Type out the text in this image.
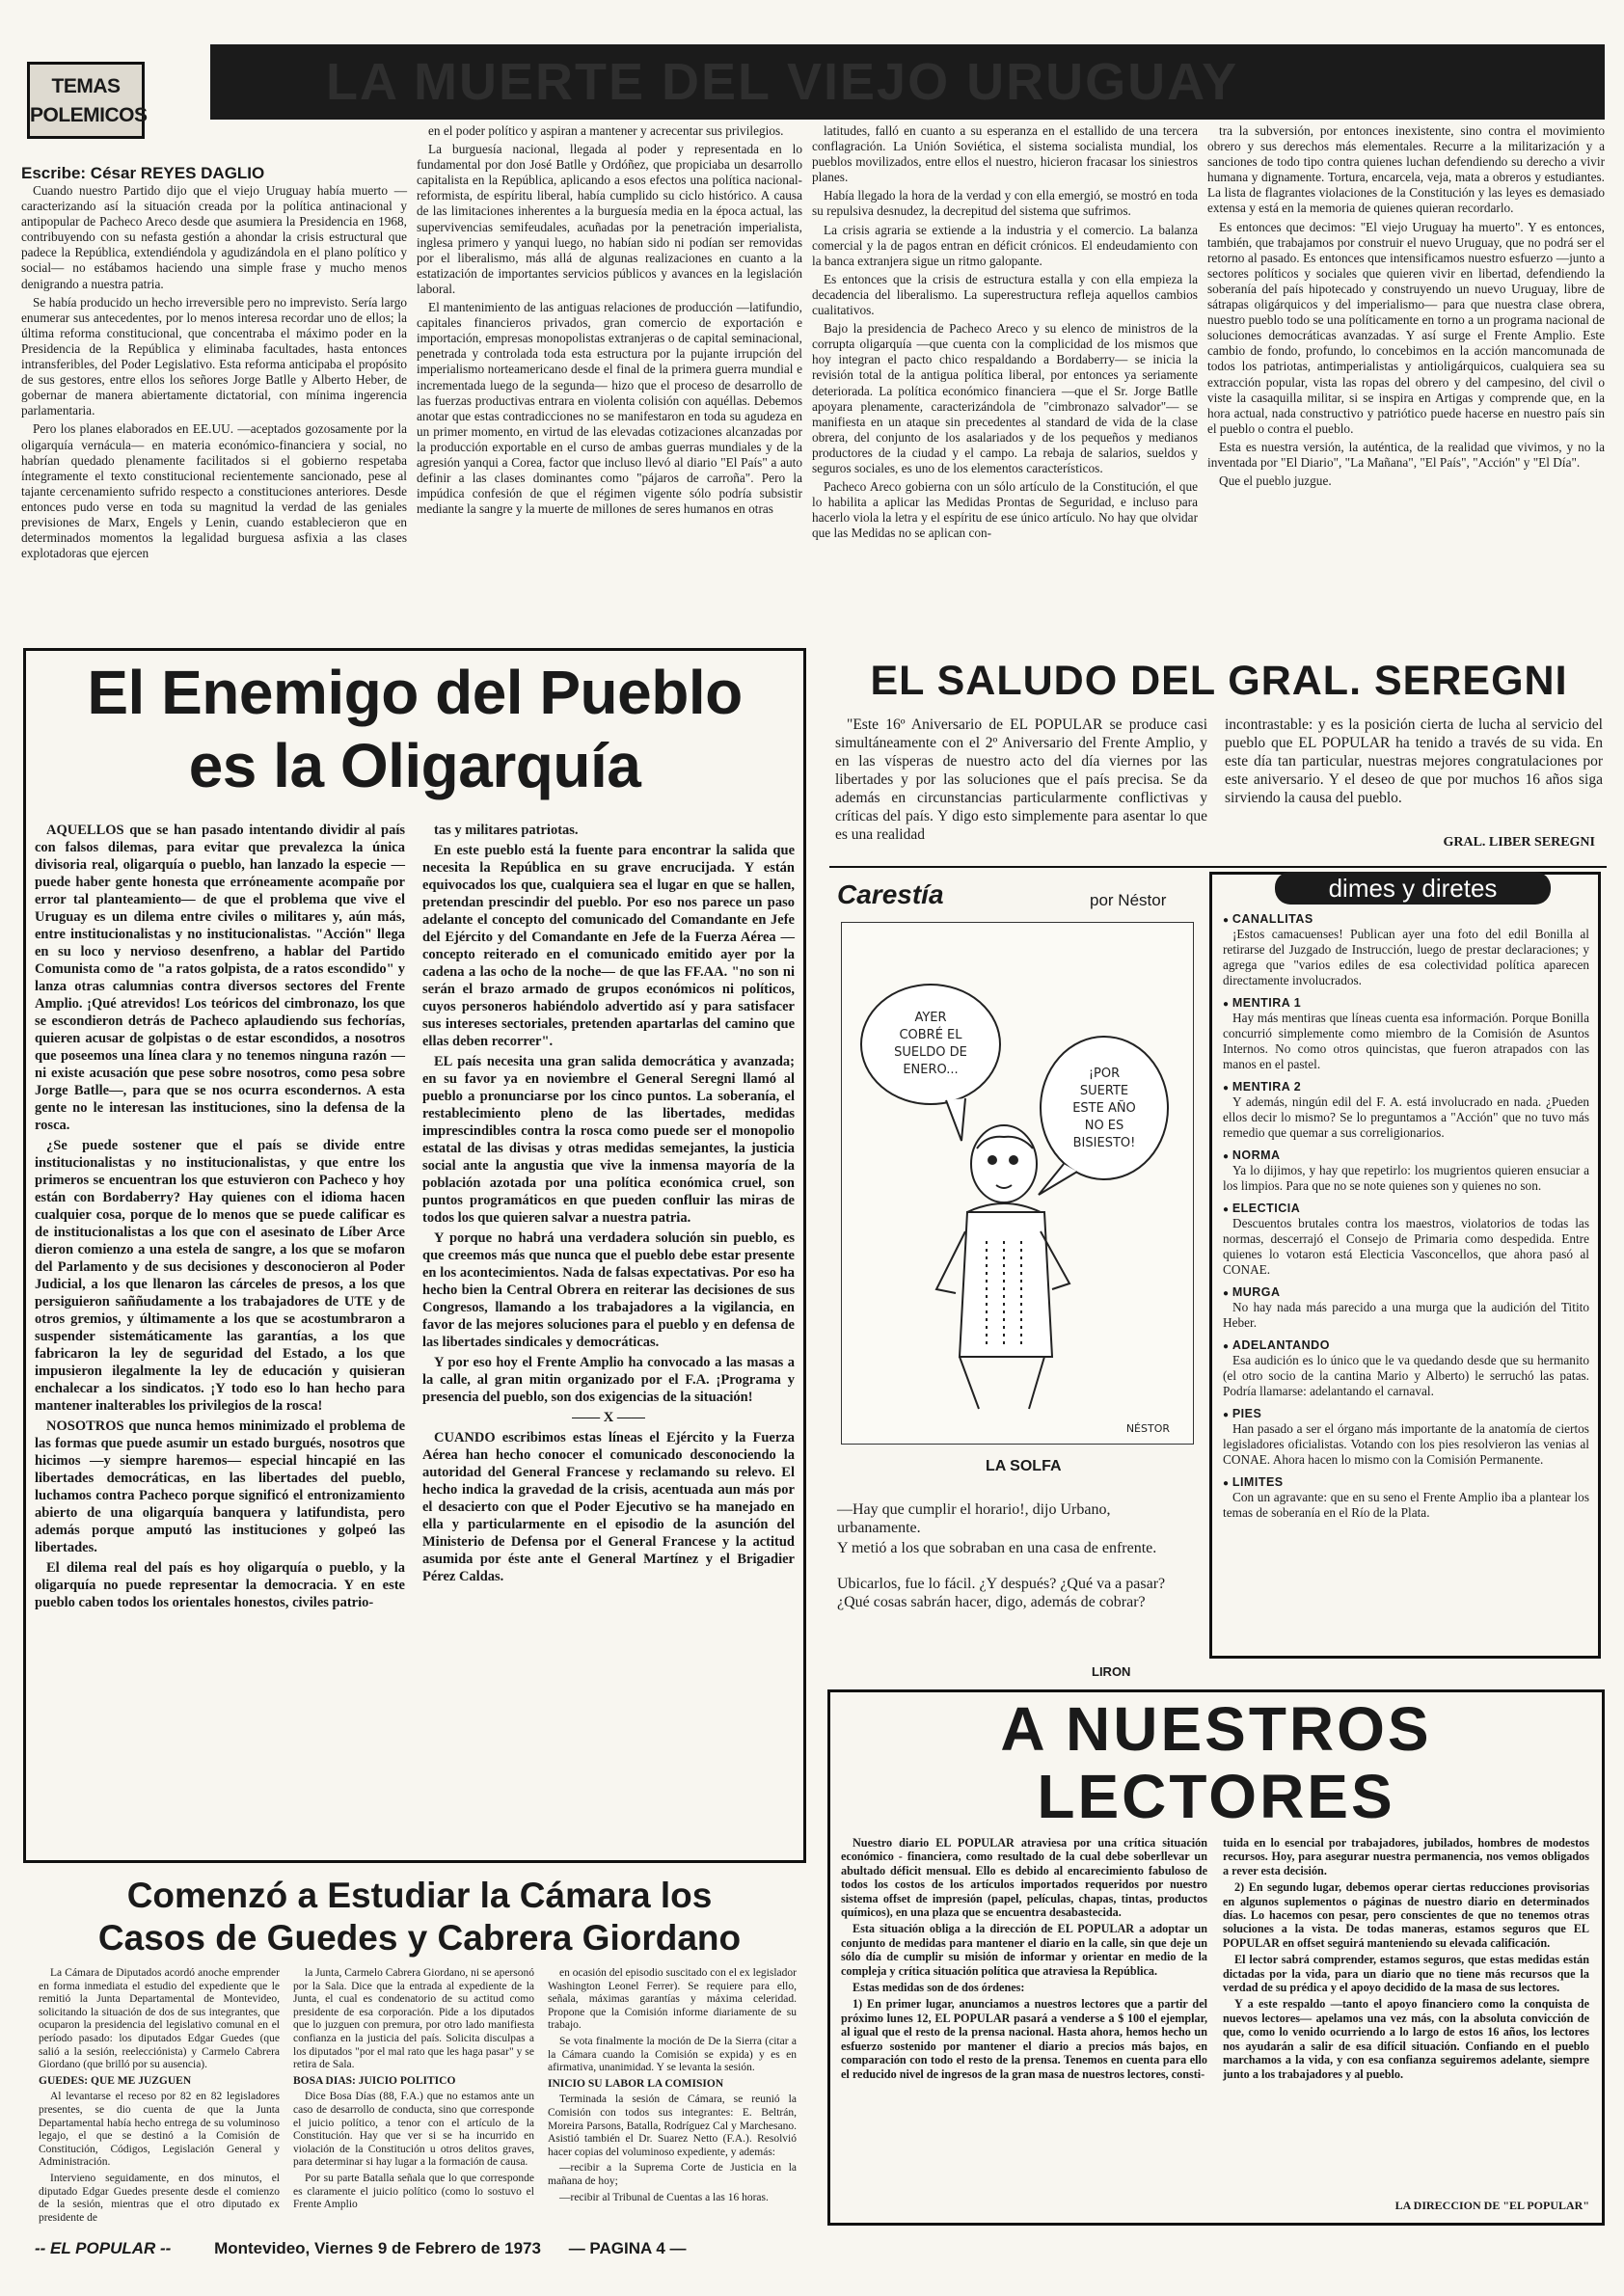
TEMAS
POLEMICOS
LA MUERTE DEL VIEJO URUGUAY
Escribe: César REYES DAGLIO

Cuando nuestro Partido dijo que el viejo Uruguay había muerto —caracterizando así la situación creada por la política antinacional y antipopular de Pacheco Areco desde que asumiera la Presidencia en 1968, contribuyendo con su nefasta gestión a ahondar la crisis estructural que padece la República, extendiéndola y agudizándola en el plano político y social— no estábamos haciendo una simple frase y mucho menos denigrando a nuestra patria.

Se había producido un hecho irreversible pero no imprevisto. Sería largo enumerar sus antecedentes, por lo menos interesa recordar uno de ellos; la última reforma constitucional, que concentraba el máximo poder en la Presidencia de la República y eliminaba facultades, hasta entonces intransferibles, del Poder Legislativo. Esta reforma anticipaba el propósito de sus gestores, entre ellos los señores Jorge Batlle y Alberto Heber, de gobernar de manera abiertamente dictatorial, con mínima ingerencia parlamentaria.

Pero los planes elaborados en EE.UU. —aceptados gozosamente por la oligarquía vernácula— en materia económico-financiera y social, no habrían quedado plenamente facilitados si el gobierno respetaba íntegramente el texto constitucional recientemente sancionado, pese al tajante cercenamiento sufrido respecto a constituciones anteriores. Desde entonces pudo verse en toda su magnitud la verdad de las geniales previsiones de Marx, Engels y Lenin, cuando establecieron que en determinados momentos la legalidad burguesa asfixia a las clases explotadoras que ejercen

en el poder político y aspiran a mantener y acrecentar sus privilegios.

La burguesía nacional, llegada al poder y representada en lo fundamental por don José Batlle y Ordóñez, que propiciaba un desarrollo capitalista en la República, aplicando a esos efectos una política nacional-reformista, de espíritu liberal, había cumplido su ciclo histórico. A causa de las limitaciones inherentes a la burguesía media en la época actual, las supervivencias semifeudales, acuñadas por la penetración imperialista, inglesa primero y yanqui luego, no habían sido ni podían ser removidas por el liberalismo, más allá de algunas realizaciones en cuanto a la estatización de importantes servicios públicos y avances en la legislación laboral.

El mantenimiento de las antiguas relaciones de producción —latifundio, capitales financieros privados, gran comercio de exportación e importación, empresas monopolistas extranjeras o de capital seminacional, penetrada y controlada toda esta estructura por la pujante irrupción del imperialismo norteamericano desde el final de la primera guerra mundial e incrementada luego de la segunda— hizo que el proceso de desarrollo de las fuerzas productivas entrara en violenta colisión con aquéllas. Debemos anotar que estas contradicciones no se manifestaron en toda su agudeza en un primer momento, en virtud de las elevadas cotizaciones alcanzadas por la producción exportable en el curso de ambas guerras mundiales y de la agresión yanqui a Corea, factor que incluso llevó al diario "El País" a auto definir a las clases dominantes como "pájaros de carroña". Pero la impúdica confesión de que el régimen vigente sólo podría subsistir mediante la sangre y la muerte de millones de seres humanos en otras

latitudes, falló en cuanto a su esperanza en el estallido de una tercera conflagración. La Unión Soviética, el sistema socialista mundial, los pueblos movilizados, entre ellos el nuestro, hicieron fracasar los siniestros planes.

Había llegado la hora de la verdad y con ella emergió, se mostró en toda su repulsiva desnudez, la decrepitud del sistema que sufrimos.

La crisis agraria se extiende a la industria y el comercio. La balanza comercial y la de pagos entran en déficit crónicos. El endeudamiento con la banca extranjera sigue un ritmo galopante.

Es entonces que la crisis de estructura estalla y con ella empieza la decadencia del liberalismo. La superestructura refleja aquellos cambios cualitativos.

Bajo la presidencia de Pacheco Areco y su elenco de ministros de la corrupta oligarquía —que cuenta con la complicidad de los mismos que hoy integran el pacto chico respaldando a Bordaberry— se inicia la revisión total de la antigua política liberal, por entonces ya seriamente deteriorada. La política económico financiera —que el Sr. Jorge Batlle apoyara plenamente, caracterizándola de "cimbronazo salvador"— se manifiesta en un ataque sin precedentes al standard de vida de la clase obrera, del conjunto de los asalariados y de los pequeños y medianos productores de la ciudad y el campo. La rebaja de salarios, sueldos y seguros sociales, es uno de los elementos característicos.

Pacheco Areco gobierna con un sólo artículo de la Constitución, el que lo habilita a aplicar las Medidas Prontas de Seguridad, e incluso para hacerlo viola la letra y el espíritu de ese único artículo. No hay que olvidar que las Medidas no se aplican con-

tra la subversión, por entonces inexistente, sino contra el movimiento obrero y sus derechos más elementales. Recurre a la militarización y a sanciones de todo tipo contra quienes luchan defendiendo su derecho a vivir humana y dignamente. Tortura, encarcela, veja, mata a obreros y estudiantes. La lista de flagrantes violaciones de la Constitución y las leyes es demasiado extensa y está en la memoria de quienes quieran recordarlo.

Es entonces que decimos: "El viejo Uruguay ha muerto". Y es entonces, también, que trabajamos por construir el nuevo Uruguay, que no podrá ser el retorno al pasado. Es entonces que intensificamos nuestro esfuerzo —junto a sectores políticos y sociales que quieren vivir en libertad, defendiendo la soberanía del país hipotecado y construyendo un nuevo Uruguay, libre de sátrapas oligárquicos y del imperialismo— para que nuestra clase obrera, nuestro pueblo todo se una políticamente en torno a un programa nacional de soluciones democráticas avanzadas. Y así surge el Frente Amplio. Este cambio de fondo, profundo, lo concebimos en la acción mancomunada de todos los patriotas, antimperialistas y antioligárquicos, cualquiera sea su extracción popular, vista las ropas del obrero y del campesino, del civil o viste la casaquilla militar, si se inspira en Artigas y comprende que, en la hora actual, nada constructivo y patriótico puede hacerse en nuestro país sin el pueblo o contra el pueblo.

Esta es nuestra versión, la auténtica, de la realidad que vivimos, y no la inventada por "El Diario", "La Mañana", "El País", "Acción" y "El Día".

Que el pueblo juzgue.

El Enemigo del Pueblo
es la Oligarquía

AQUELLOS que se han pasado intentando dividir al país con falsos dilemas, para evitar que prevalezca la única divisoria real, oligarquía o pueblo, han lanzado la especie —puede haber gente honesta que erróneamente acompañe por error tal planteamiento— de que el problema que vive el Uruguay es un dilema entre civiles o militares y, aún más, entre institucionalistas y no institucionalistas. "Acción" llega en su loco y nervioso desenfreno, a hablar del Partido Comunista como de "a ratos golpista, de a ratos escondido" y lanza otras calumnias contra diversos sectores del Frente Amplio. ¡Qué atrevidos! Los teóricos del cimbronazo, los que se escondieron detrás de Pacheco aplaudiendo sus fechorías, quieren acusar de golpistas o de estar escondidos, a nosotros que poseemos una línea clara y no tenemos ninguna razón —ni existe acusación que pese sobre nosotros, como pesa sobre Jorge Batlle—, para que se nos ocurra escondernos. A esta gente no le interesan las instituciones, sino la defensa de la rosca.

¿Se puede sostener que el país se divide entre institucionalistas y no institucionalistas, y que entre los primeros se encuentran los que estuvieron con Pacheco y hoy están con Bordaberry? Hay quienes con el idioma hacen cualquier cosa, porque de lo menos que se puede calificar es de institucionalistas a los que con el asesinato de Líber Arce dieron comienzo a una estela de sangre, a los que se mofaron del Parlamento y de sus decisiones y desconocieron al Poder Judicial, a los que llenaron las cárceles de presos, a los que persiguieron saññudamente a los trabajadores de UTE y de otros gremios, y últimamente a los que se acostumbraron a suspender sistemáticamente las garantías, a los que fabricaron la ley de seguridad del Estado, a los que impusieron ilegalmente la ley de educación y quisieran enchalecar a los sindicatos. ¡Y todo eso lo han hecho para mantener inalterables los privilegios de la rosca!

NOSOTROS que nunca hemos minimizado el problema de las formas que puede asumir un estado burgués, nosotros que hicimos —y siempre haremos— especial hincapié en las libertades democráticas, en las libertades del pueblo, luchamos contra Pacheco porque significó el entronizamiento abierto de una oligarquía banquera y latifundista, pero además porque amputó las instituciones y golpeó las libertades.

El dilema real del país es hoy oligarquía o pueblo, y la oligarquía no puede representar la democracia. Y en este pueblo caben todos los orientales honestos, civiles patrio-

tas y militares patriotas.

En este pueblo está la fuente para encontrar la salida que necesita la República en su grave encrucijada. Y están equivocados los que, cualquiera sea el lugar en que se hallen, pretendan prescindir del pueblo. Por eso nos parece un paso adelante el concepto del comunicado del Comandante en Jefe del Ejército y del Comandante en Jefe de la Fuerza Aérea —concepto reiterado en el comunicado emitido ayer por la cadena a las ocho de la noche— de que las FF.AA. "no son ni serán el brazo armado de grupos económicos ni políticos, cuyos personeros habiéndolo advertido así y para satisfacer sus intereses sectoriales, pretenden apartarlas del camino que ellas deben recorrer".

EL país necesita una gran salida democrática y avanzada; en su favor ya en noviembre el General Seregni llamó al pueblo a pronunciarse por los cinco puntos. La soberanía, el restablecimiento pleno de las libertades, medidas imprescindibles contra la rosca como puede ser el monopolio estatal de las divisas y otras medidas semejantes, la justicia social ante la angustia que vive la inmensa mayoría de la población azotada por una política económica cruel, son puntos programáticos en que pueden confluir las miras de todos los que quieren salvar a nuestra patria.

Y porque no habrá una verdadera solución sin pueblo, es que creemos más que nunca que el pueblo debe estar presente en los acontecimientos. Nada de falsas expectativas. Por eso ha hecho bien la Central Obrera en reiterar las decisiones de sus Congresos, llamando a los trabajadores a la vigilancia, en favor de las mejores soluciones para el pueblo y en defensa de las libertades sindicales y democráticas.

Y por eso hoy el Frente Amplio ha convocado a las masas a la calle, al gran mitin organizado por el F.A. ¡Programa y presencia del pueblo, son dos exigencias de la situación!

—— X ——

CUANDO escribimos estas líneas el Ejército y la Fuerza Aérea han hecho conocer el comunicado desconociendo la autoridad del General Francese y reclamando su relevo. El hecho indica la gravedad de la crisis, acentuada aun más por el desacierto con que el Poder Ejecutivo se ha manejado en ella y particularmente en el episodio de la asunción del Ministerio de Defensa por el General Francese y la actitud asumida por éste ante el General Martínez y el Brigadier Pérez Caldas.

Comenzó a Estudiar la Cámara los
Casos de Guedes y Cabrera Giordano

La Cámara de Diputados acordó anoche emprender en forma inmediata el estudio del expediente que le remitió la Junta Departamental de Montevideo, solicitando la situación de dos de sus integrantes, que ocuparon la presidencia del legislativo comunal en el período pasado: los diputados Edgar Guedes (que salió a la sesión, reelecciónista) y Carmelo Cabrera Giordano (que brilló por su ausencia).

GUEDES: QUE ME JUZGUEN

Al levantarse el receso por 82 en 82 legisladores presentes, se dio cuenta de que la Junta Departamental había hecho entrega de su voluminoso legajo, el que se destinó a la Comisión de Constitución, Códigos, Legislación General y Administración.

Intervieno seguidamente, en dos minutos, el diputado Edgar Guedes presente desde el comienzo de la sesión, mientras que el otro diputado ex presidente de

la Junta, Carmelo Cabrera Giordano, ni se apersonó por la Sala. Dice que la entrada al expediente de la Junta, el cual es condenatorio de su actitud como presidente de esa corporación. Pide a los diputados que lo juzguen con premura, por otro lado manifiesta confianza en la justicia del país. Solicita disculpas a los diputados "por el mal rato que les haga pasar" y se retira de Sala.

BOSA DIAS: JUICIO POLITICO

Dice Bosa Días (88, F.A.) que no estamos ante un caso de desarrollo de conducta, sino que corresponde el juicio político, a tenor con el artículo de la Constitución. Hay que ver si se ha incurrido en violación de la Constitución u otros delitos graves, para determinar si hay lugar a la formación de causa.

Por su parte Batalla señala que lo que corresponde es claramente el juicio político (como lo sostuvo el Frente Amplio

en ocasión del episodio suscitado con el ex legislador Washington Leonel Ferrer). Se requiere para ello, señala, máximas garantías y máxima celeridad. Propone que la Comisión informe diariamente de su trabajo.

Se vota finalmente la moción de De la Sierra (citar a la Cámara cuando la Comisión se expida) y es en afirmativa, unanimidad. Y se levanta la sesión.

INICIO SU LABOR LA COMISION

Terminada la sesión de Cámara, se reunió la Comisión con todos sus integrantes: E. Beltrán, Moreira Parsons, Batalla, Rodríguez Cal y Marchesano. Asistió también el Dr. Suarez Netto (F.A.). Resolvió hacer copias del voluminoso expediente, y además:

—recibir a la Suprema Corte de Justicia en la mañana de hoy;

—recibir al Tribunal de Cuentas a las 16 horas.

EL SALUDO DEL GRAL. SEREGNI

"Este 16º Aniversario de EL POPULAR se produce casi simultáneamente con el 2º Aniversario del Frente Amplio, y en las vísperas de nuestro acto del día viernes por las libertades y por las soluciones que el país precisa. Se da además en circunstancias particularmente conflictivas y críticas del país. Y digo esto simplemente para asentar lo que es una realidad

incontrastable: y es la posición cierta de lucha al servicio del pueblo que EL POPULAR ha tenido a través de su vida. En este día tan particular, nuestras mejores congratulaciones por este aniversario. Y el deseo de que por muchos 16 años siga sirviendo la causa del pueblo.

GRAL. LIBER SEREGNI
Carestía	por Néstor
AYER
COBRÉ EL
SUELDO DE
ENERO...	¡POR
SUERTE
ESTE AÑO
NO ES
BISIESTO!
NÉSTOR
LA SOLFA

—Hay que cumplir el horario!, dijo Urbano, urbanamente.

Y metió a los que sobraban en una casa de enfrente.

Ubicarlos, fue lo fácil. ¿Y después? ¿Qué va a pasar? ¿Qué cosas sabrán hacer, digo, además de cobrar?

LIRON
dimes y diretes
● CANALLITAS
¡Estos camacuenses! Publican ayer una foto del edil Bonilla al retirarse del Juzgado de Instrucción, luego de prestar declaraciones; y agrega que "varios ediles de esa colectividad política aparecen directamente involucrados.
● MENTIRA 1
Hay más mentiras que líneas cuenta esa información. Porque Bonilla concurrió simplemente como miembro de la Comisión de Asuntos Internos. No como otros quincistas, que fueron atrapados con las manos en el pastel.
● MENTIRA 2
Y además, ningún edil del F. A. está involucrado en nada. ¿Pueden ellos decir lo mismo? Se lo preguntamos a "Acción" que no tuvo más remedio que quemar a sus correligionarios.
● NORMA
Ya lo dijimos, y hay que repetirlo: los mugrientos quieren ensuciar a los limpios. Para que no se note quienes son y quienes no son.
● ELECTICIA
Descuentos brutales contra los maestros, violatorios de todas las normas, descerrajó el Consejo de Primaria como despedida. Entre quienes lo votaron está Electicia Vasconcellos, que ahora pasó al CONAE.
● MURGA
No hay nada más parecido a una murga que la audición del Titito Heber.
● ADELANTANDO
Esa audición es lo único que le va quedando desde que su hermanito (el otro socio de la cantina Mario y Alberto) le serruchó las patas. Podría llamarse: adelantando el carnaval.
● PIES
Han pasado a ser el órgano más importante de la anatomía de ciertos legisladores oficialistas. Votando con los pies resolvieron las venias al CONAE. Ahora hacen lo mismo con la Comisión Permanente.
● LIMITES
Con un agravante: que en su seno el Frente Amplio iba a plantear los temas de soberanía en el Río de la Plata.
A NUESTROS
LECTORES

Nuestro diario EL POPULAR atraviesa por una crítica situación económico - financiera, como resultado de la cual debe soberllevar un abultado déficit mensual. Ello es debido al encarecimiento fabuloso de todos los costos de los artículos importados requeridos por nuestro sistema offset de impresión (papel, películas, chapas, tintas, productos químicos), en una plaza que se encuentra desabastecida.

Esta situación obliga a la dirección de EL POPULAR a adoptar un conjunto de medidas para mantener el diario en la calle, sin que deje un sólo día de cumplir su misión de informar y orientar en medio de la compleja y crítica situación política que atraviesa la República.

Estas medidas son de dos órdenes:

1) En primer lugar, anunciamos a nuestros lectores que a partir del próximo lunes 12, EL POPULAR pasará a venderse a $ 100 el ejemplar, al igual que el resto de la prensa nacional. Hasta ahora, hemos hecho un esfuerzo sostenido por mantener el diario a precios más bajos, en comparación con todo el resto de la prensa. Tenemos en cuenta para ello el reducido nivel de ingresos de la gran masa de nuestros lectores, consti-

tuida en lo esencial por trabajadores, jubilados, hombres de modestos recursos. Hoy, para asegurar nuestra permanencia, nos vemos obligados a rever esta decisión.

2) En segundo lugar, debemos operar ciertas reducciones provisorias en algunos suplementos o páginas de nuestro diario en determinados días. Lo hacemos con pesar, pero conscientes de que no tenemos otras soluciones a la vista. De todas maneras, estamos seguros que EL POPULAR en offset seguirá manteniendo su elevada calificación.

El lector sabrá comprender, estamos seguros, que estas medidas están dictadas por la vida, para un diario que no tiene más recursos que la verdad de su prédica y el apoyo decidido de la masa de sus lectores.

Y a este respaldo —tanto el apoyo financiero como la conquista de nuevos lectores— apelamos una vez más, con la absoluta convicción de que, como lo venido ocurriendo a lo largo de estos 16 años, los lectores nos ayudarán a salir de esa difícil situación. Confiando en el pueblo marchamos a la vida, y con esa confianza seguiremos adelante, siempre junto a los trabajadores y al pueblo.

LA DIRECCION DE "EL POPULAR"
-- EL POPULAR --	Montevideo, Viernes 9 de Febrero de 1973 — PAGINA 4 —
